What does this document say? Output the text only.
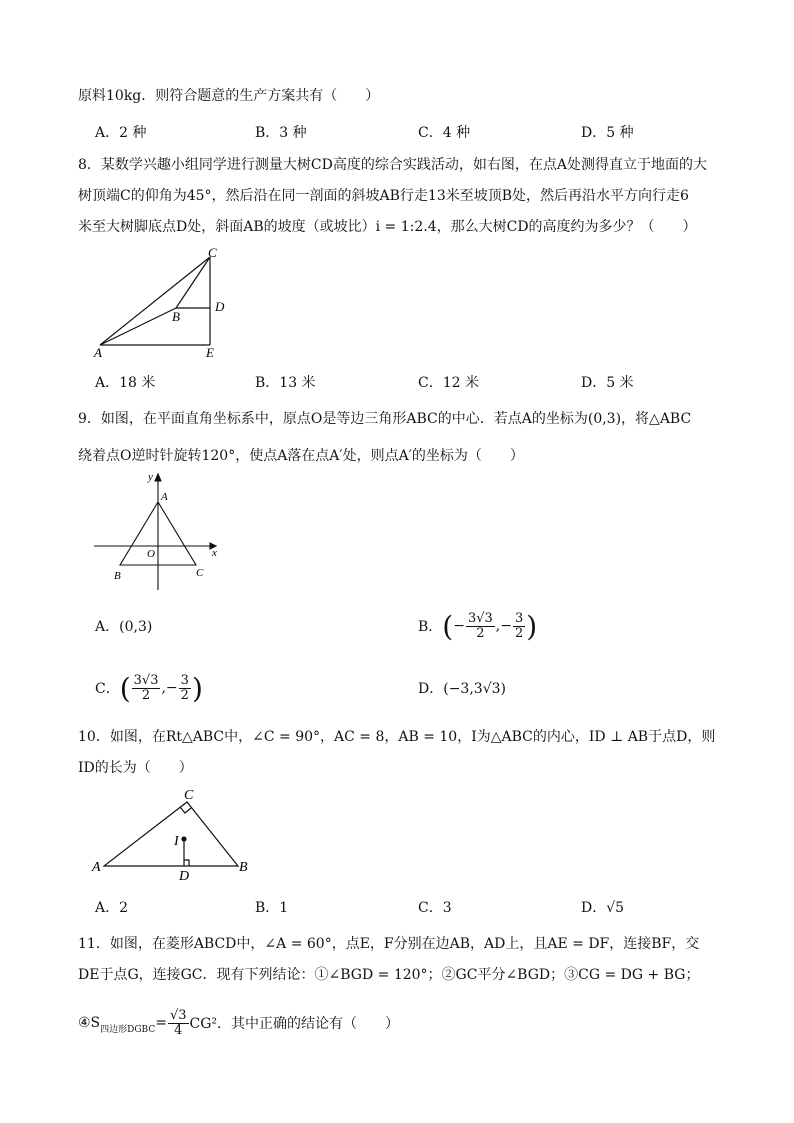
原料10kg．则符合题意的生产方案共有（　　）
A．2 种	B．3 种	C．4 种	D．5 种
8．某数学兴趣小组同学进行测量大树CD高度的综合实践活动，如右图，在点A处测得直立于地面的大
树顶端C的仰角为45°，然后沿在同一剖面的斜坡AB行走13米至坡顶B处，然后再沿水平方向行走6
米至大树脚底点D处，斜面AB的坡度（或坡比）i = 1:2.4，那么大树CD的高度约为多少？（　　）
A
B
C
D
E
A．18 米	B．13 米	C．12 米	D．5 米
9．如图，在平面直角坐标系中，原点O是等边三角形ABC的中心．若点A的坐标为(0,3)，将△ABC
绕着点O逆时针旋转120°，使点A落在点A′处，则点A′的坐标为（　　）
y
x
A
O
B	C
A．(0,3)	B． ( − $\frac{3√3}{2}$ ,− $\frac{3}{2}$ )
C． ( $\frac{3√3}{2}$ ,− $\frac{3}{2}$ )	D．(−3,3√3)
10．如图，在Rt△ABC中，∠C = 90°，AC = 8，AB = 10，I为△ABC的内心，ID ⊥ AB于点D，则
ID的长为（　　）
C
I
A	B
D
A．2	B．1	C．3	D．√5
11．如图，在菱形ABCD中，∠A = 60°，点E，F分别在边AB，AD上，且AE = DF，连接BF，交
DE于点G，连接GC．现有下列结论：①∠BGD = 120°；②GC平分∠BGD；③CG = DG + BG；
④S 四边形DGBC = $\frac{√3}{4} CG^2$．其中正确的结论有（　　）
